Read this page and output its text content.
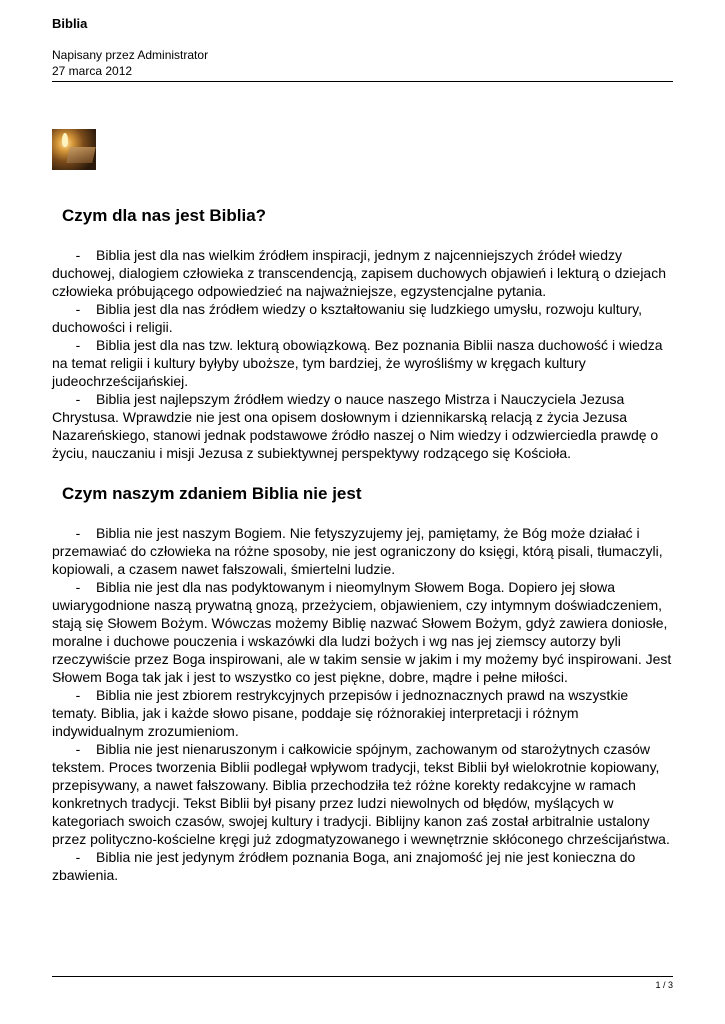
Biblia
Napisany przez Administrator
27 marca 2012
Czym dla nas jest Biblia?

- Biblia jest dla nas wielkim źródłem inspiracji, jednym z najcenniejszych źródeł wiedzy duchowej, dialogiem człowieka z transcendencją, zapisem duchowych objawień i lekturą o dziejach człowieka próbującego odpowiedzieć na najważniejsze, egzystencjalne pytania.

- Biblia jest dla nas źródłem wiedzy o kształtowaniu się ludzkiego umysłu, rozwoju kultury, duchowości i religii.

- Biblia jest dla nas tzw. lekturą obowiązkową. Bez poznania Biblii nasza duchowość i wiedza na temat religii i kultury byłyby uboższe, tym bardziej, że wyrośliśmy w kręgach kultury judeochrześcijańskiej.

- Biblia jest najlepszym źródłem wiedzy o nauce naszego Mistrza i Nauczyciela Jezusa Chrystusa. Wprawdzie nie jest ona opisem dosłownym i dziennikarską relacją z życia Jezusa Nazareńskiego, stanowi jednak podstawowe źródło naszej o Nim wiedzy i odzwierciedla prawdę o życiu, nauczaniu i misji Jezusa z subiektywnej perspektywy rodzącego się Kościoła.

Czym naszym zdaniem Biblia nie jest

- Biblia nie jest naszym Bogiem. Nie fetyszyzujemy jej, pamiętamy, że Bóg może działać i przemawiać do człowieka na różne sposoby, nie jest ograniczony do księgi, którą pisali, tłumaczyli, kopiowali, a czasem nawet fałszowali, śmiertelni ludzie.

- Biblia nie jest dla nas podyktowanym i nieomylnym Słowem Boga. Dopiero jej słowa uwiarygodnione naszą prywatną gnozą, przeżyciem, objawieniem, czy intymnym doświadczeniem, stają się Słowem Bożym. Wówczas możemy Biblię nazwać Słowem Bożym, gdyż zawiera doniosłe, moralne i duchowe pouczenia i wskazówki dla ludzi bożych i wg nas jej ziemscy autorzy byli rzeczywiście przez Boga inspirowani, ale w takim sensie w jakim i my możemy być inspirowani. Jest Słowem Boga tak jak i jest to wszystko co jest piękne, dobre, mądre i pełne miłości.

- Biblia nie jest zbiorem restrykcyjnych przepisów i jednoznacznych prawd na wszystkie tematy. Biblia, jak i każde słowo pisane, poddaje się różnorakiej interpretacji i różnym indywidualnym zrozumieniom.

- Biblia nie jest nienaruszonym i całkowicie spójnym, zachowanym od starożytnych czasów tekstem. Proces tworzenia Biblii podlegał wpływom tradycji, tekst Biblii był wielokrotnie kopiowany, przepisywany, a nawet fałszowany. Biblia przechodziła też różne korekty redakcyjne w ramach konkretnych tradycji. Tekst Biblii był pisany przez ludzi niewolnych od błędów, myślących w kategoriach swoich czasów, swojej kultury i tradycji. Biblijny kanon zaś został arbitralnie ustalony przez polityczno-kościelne kręgi już zdogmatyzowanego i wewnętrznie skłóconego chrześcijaństwa.

- Biblia nie jest jedynym źródłem poznania Boga, ani znajomość jej nie jest konieczna do zbawienia.

1 / 3
